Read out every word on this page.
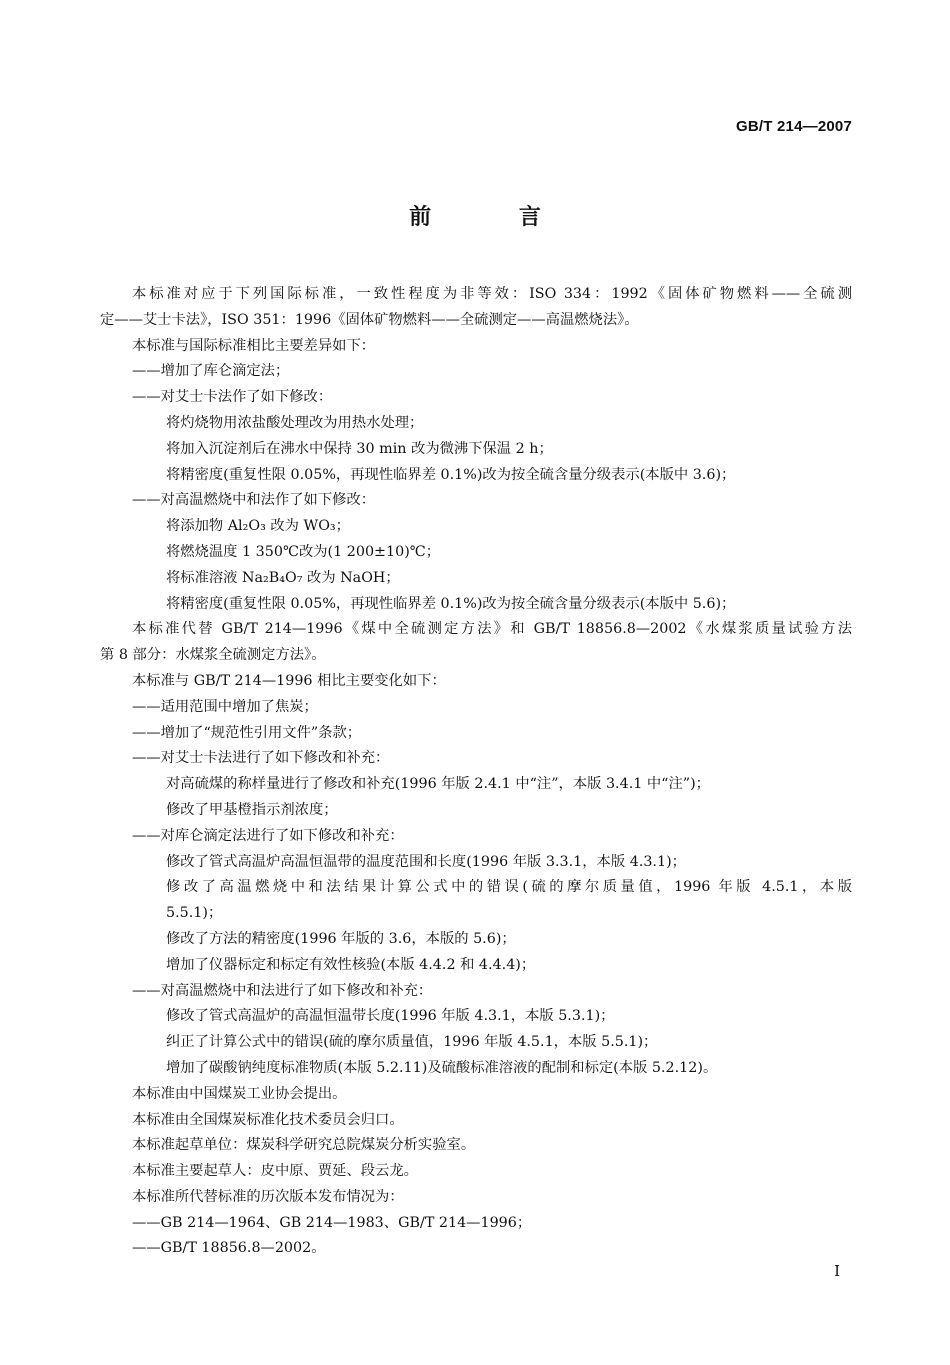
GB/T 214—2007
前 言
本标准对应于下列国际标准，一致性程度为非等效：ISO 334：1992《固体矿物燃料——全硫测
定——艾士卡法》，ISO 351：1996《固体矿物燃料——全硫测定——高温燃烧法》。
本标准与国际标准相比主要差异如下：
——增加了库仑滴定法；
——对艾士卡法作了如下修改：
将灼烧物用浓盐酸处理改为用热水处理；
将加入沉淀剂后在沸水中保持 30 min 改为微沸下保温 2 h；
将精密度(重复性限 0.05%，再现性临界差 0.1%)改为按全硫含量分级表示(本版中 3.6)；
——对高温燃烧中和法作了如下修改：
将添加物 Al₂O₃ 改为 WO₃；
将燃烧温度 1 350℃改为(1 200±10)℃；
将标准溶液 Na₂B₄O₇ 改为 NaOH；
将精密度(重复性限 0.05%，再现性临界差 0.1%)改为按全硫含量分级表示(本版中 5.6)；
本标准代替 GB/T 214—1996《煤中全硫测定方法》和 GB/T 18856.8—2002《水煤浆质量试验方法
第 8 部分：水煤浆全硫测定方法》。
本标准与 GB/T 214—1996 相比主要变化如下：
——适用范围中增加了焦炭；
——增加了“规范性引用文件”条款；
——对艾士卡法进行了如下修改和补充：
对高硫煤的称样量进行了修改和补充(1996 年版 2.4.1 中“注”，本版 3.4.1 中“注”)；
修改了甲基橙指示剂浓度；
——对库仑滴定法进行了如下修改和补充：
修改了管式高温炉高温恒温带的温度范围和长度(1996 年版 3.3.1，本版 4.3.1)；
修改了高温燃烧中和法结果计算公式中的错误(硫的摩尔质量值，1996 年版 4.5.1，本版
5.5.1)；
修改了方法的精密度(1996 年版的 3.6，本版的 5.6)；
增加了仪器标定和标定有效性核验(本版 4.4.2 和 4.4.4)；
——对高温燃烧中和法进行了如下修改和补充：
修改了管式高温炉的高温恒温带长度(1996 年版 4.3.1，本版 5.3.1)；
纠正了计算公式中的错误(硫的摩尔质量值，1996 年版 4.5.1，本版 5.5.1)；
增加了碳酸钠纯度标准物质(本版 5.2.11)及硫酸标准溶液的配制和标定(本版 5.2.12)。
本标准由中国煤炭工业协会提出。
本标准由全国煤炭标准化技术委员会归口。
本标准起草单位：煤炭科学研究总院煤炭分析实验室。
本标准主要起草人：皮中原、贾延、段云龙。
本标准所代替标准的历次版本发布情况为：
——GB 214—1964、GB 214—1983、GB/T 214—1996；
——GB/T 18856.8—2002。
I
